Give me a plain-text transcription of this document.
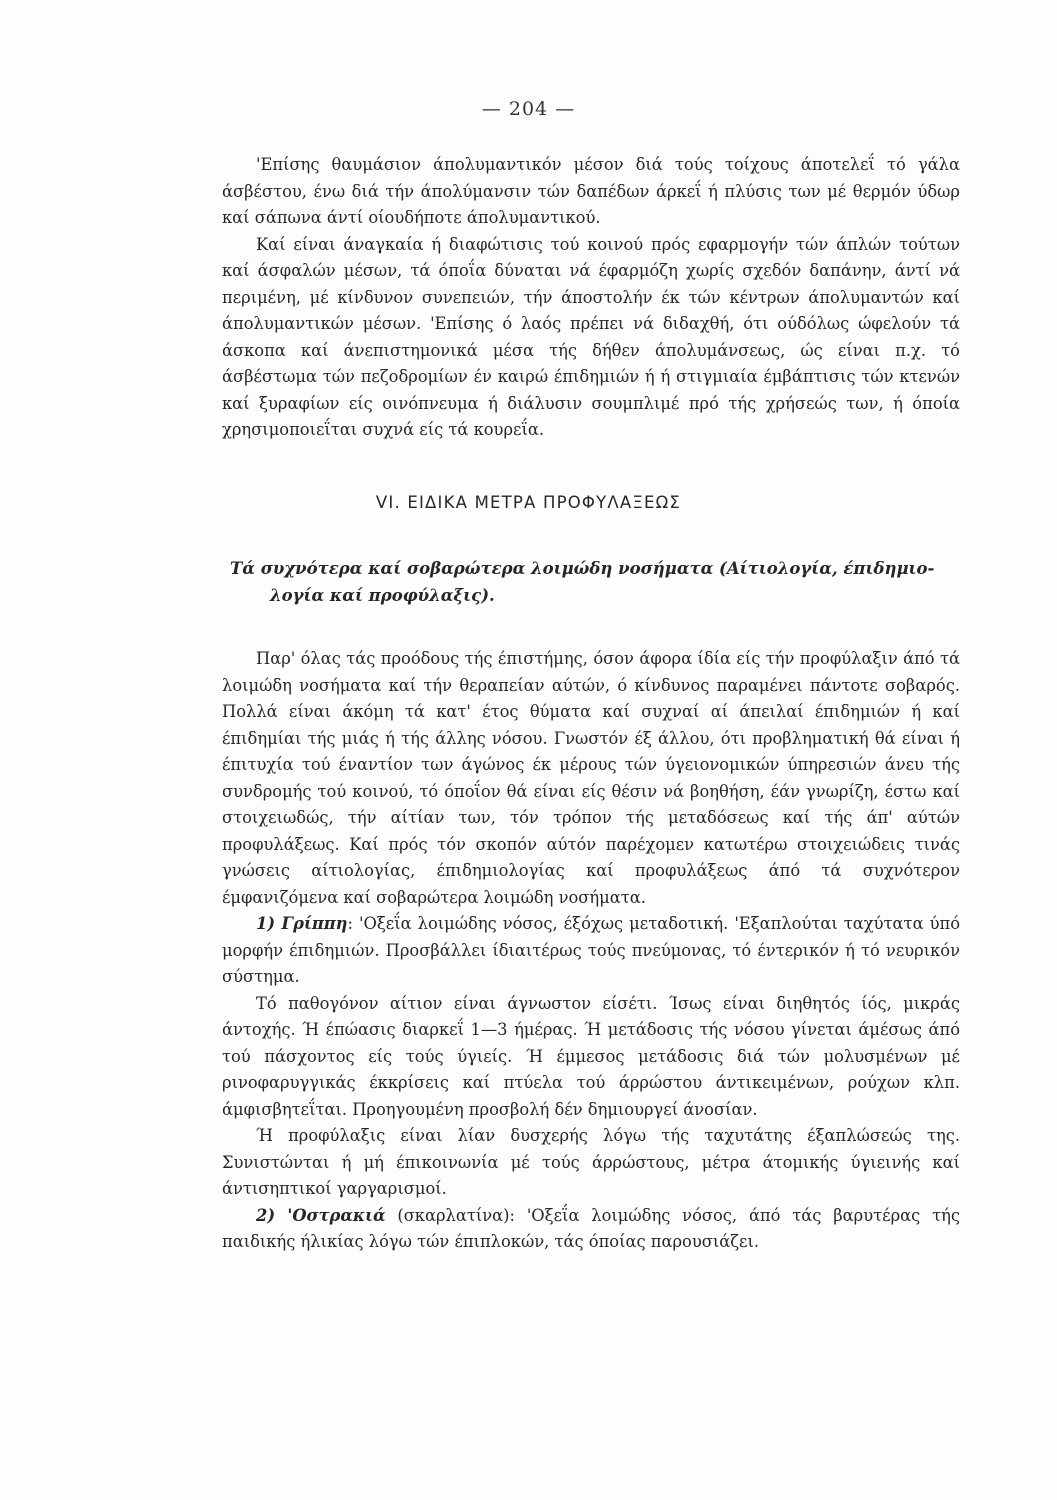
— 204 —

'Επίσης θαυμάσιον άπολυμαντικόν μέσον διά τούς τοίχους άποτελεΐ τό γάλα άσβέστου, ένω διά τήν άπολύμανσιν τών δαπέδων άρκεΐ ή πλύσις των μέ θερμόν ύδωρ καί σάπωνα άντί οίουδήποτε άπολυμαντικού.

Καί είναι άναγκαία ή διαφώτισις τού κοινού πρός εφαρμογήν τών άπλών τούτων καί άσφαλών μέσων, τά όποΐα δύναται νά έφαρμόζη χωρίς σχεδόν δαπάνην, άντί νά περιμένη, μέ κίνδυνον συνεπειών, τήν άποστολήν έκ τών κέντρων άπολυμαντών καί άπολυμαντικών μέσων. 'Επίσης ό λαός πρέπει νά διδαχθή, ότι ούδόλως ώφελούν τά άσκοπα καί άνεπιστημονικά μέσα τής δήθεν άπολυμάνσεως, ώς είναι π.χ. τό άσβέστωμα τών πεζοδρομίων έν καιρώ έπιδημιών ή ή στιγμιαία έμβάπτισις τών κτενών καί ξυραφίων είς οινόπνευμα ή διάλυσιν σουμπλιμέ πρό τής χρήσεώς των, ή όποία χρησιμοποιεΐται συχνά είς τά κουρεΐα.

VI. ΕΙΔΙΚΑ ΜΕΤΡΑ ΠΡΟΦΥΛΑΞΕΩΣ
Τά συχνότερα καί σοβαρώτερα λοιμώδη νοσήματα (Αίτιολογία, έπιδημιο-
λογία καί προφύλαξις).

Παρ' όλας τάς προόδους τής έπιστήμης, όσον άφορα ίδία είς τήν προφύλαξιν άπό τά λοιμώδη νοσήματα καί τήν θεραπείαν αύτών, ό κίνδυνος παραμένει πάντοτε σοβαρός. Πολλά είναι άκόμη τά κατ' έτος θύματα καί συχναί αί άπειλαί έπιδημιών ή καί έπιδημίαι τής μιάς ή τής άλλης νόσου. Γνωστόν έξ άλλου, ότι προβληματική θά είναι ή έπιτυχία τού έναντίον των άγώνος έκ μέρους τών ύγειονομικών ύπηρεσιών άνευ τής συνδρομής τού κοινού, τό όποΐον θά είναι είς θέσιν νά βοηθήση, έάν γνωρίζη, έστω καί στοιχειωδώς, τήν αίτίαν των, τόν τρόπον τής μεταδόσεως καί τής άπ' αύτών προφυλάξεως. Καί πρός τόν σκοπόν αύτόν παρέχομεν κατωτέρω στοιχειώδεις τινάς γνώσεις αίτιολογίας, έπιδημιολογίας καί προφυλάξεως άπό τά συχνότερον έμφανιζόμενα καί σοβαρώτερα λοιμώδη νοσήματα.

1) Γρίππη: 'Οξεΐα λοιμώδης νόσος, έξόχως μεταδοτική. 'Εξαπλούται ταχύτατα ύπό μορφήν έπιδημιών. Προσβάλλει ίδιαιτέρως τούς πνεύμονας, τό έντερικόν ή τό νευρικόν σύστημα.

Τό παθογόνον αίτιον είναι άγνωστον είσέτι. Ίσως είναι διηθητός ίός, μικράς άντοχής. Ή έπώασις διαρκεΐ 1—3 ήμέρας. Ή μετάδοσις τής νόσου γίνεται άμέσως άπό τού πάσχοντος είς τούς ύγιείς. Ή έμμεσος μετάδοσις διά τών μολυσμένων μέ ρινοφαρυγγικάς έκκρίσεις καί πτύελα τού άρρώστου άντικειμένων, ρούχων κλπ. άμφισβητεΐται. Προηγουμένη προσβολή δέν δημιουργεί άνοσίαν.

Ή προφύλαξις είναι λίαν δυσχερής λόγω τής ταχυτάτης έξαπλώσεώς της. Συνιστώνται ή μή έπικοινωνία μέ τούς άρρώστους, μέτρα άτομικής ύγιεινής καί άντισηπτικοί γαργαρισμοί.

2) 'Οστρακιά (σκαρλατίνα): 'Οξεΐα λοιμώδης νόσος, άπό τάς βαρυτέρας τής παιδικής ήλικίας λόγω τών έπιπλοκών, τάς όποίας παρουσιάζει.
